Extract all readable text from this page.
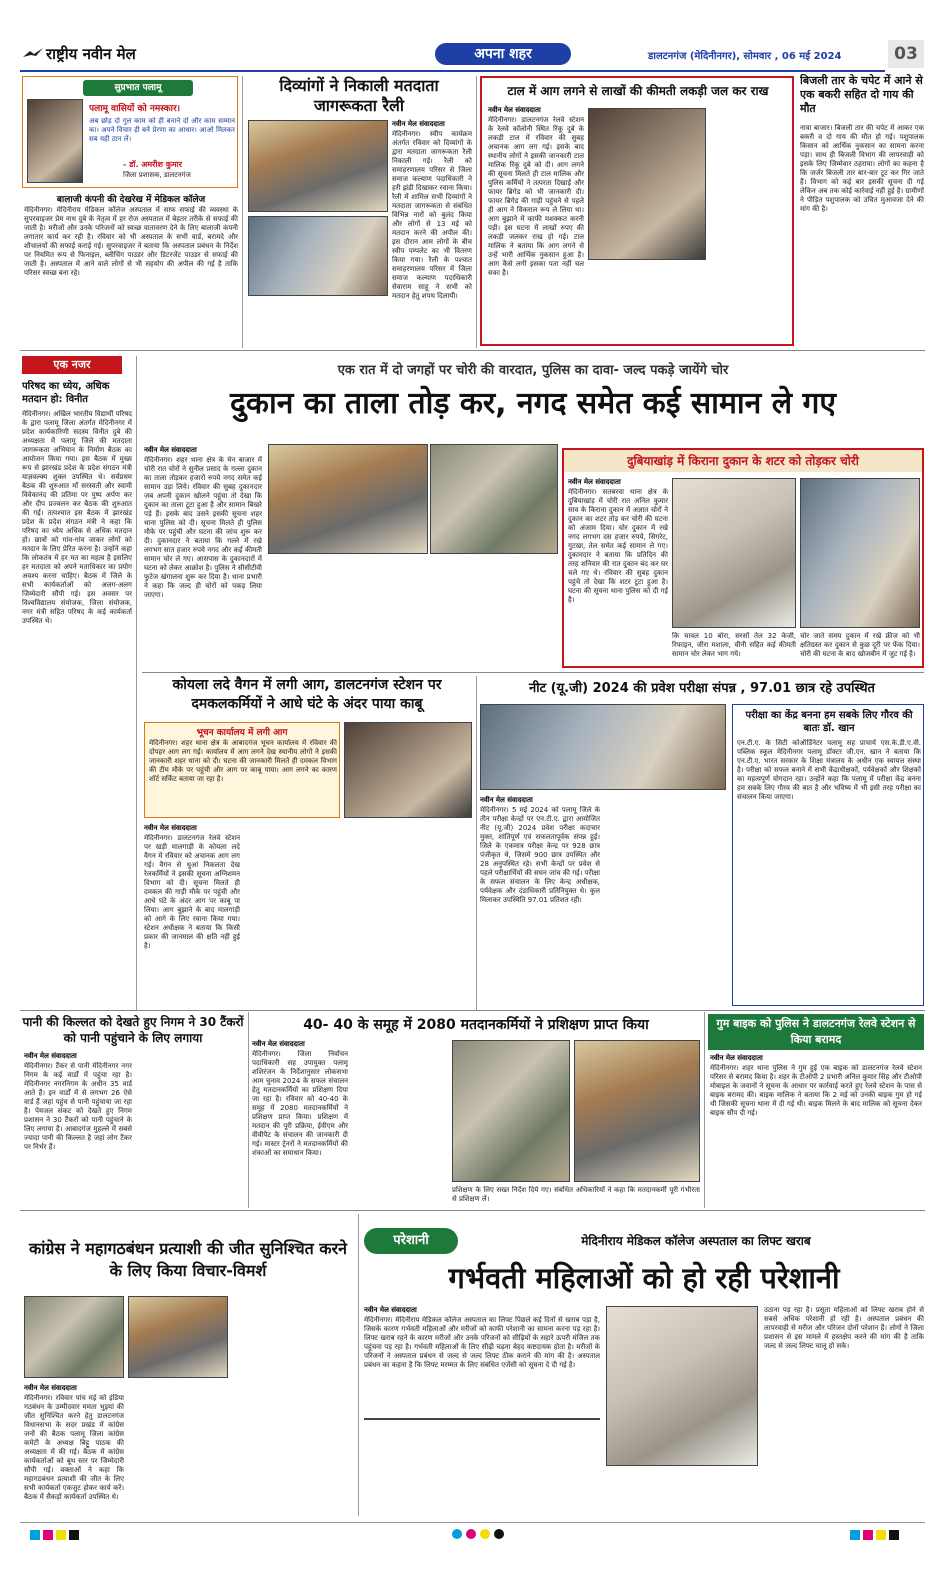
राष्ट्रीय नवीन मेल	अपना शहर	डालटनगंज (मेदिनीनगर), सोमवार , 06 मई 2024	03
सुप्रभात पलामू
पलामू वासियों को नमस्कार।
अब छोड़ दो गुल काम को ही बनाने दो और काम सम्मान का। अपने विचार ही बनें प्रेरणा का आधार। आओ मिलकर सब यही ठान लें।
- डॉ. अमरीश कुमार
जिला प्रशासक, डालटनगंज
बालाजी कंपनी की देखरेख में मेडिकल कॉलेज
मेदिनीनगर। मेदिनीराय मेडिकल कॉलेज अस्पताल में साफ सफाई की व्यवस्था के सुपरवाइजर प्रेम नाथ दुबे के नेतृत्व में हर रोज अस्पताल में बेहतर तरीके से सफाई की जाती है। मरीजों और उनके परिजनों को स्वच्छ वातावरण देने के लिए बालाजी कंपनी लगातार कार्य कर रही है। रविवार को भी अस्पताल के सभी वार्ड, बरामदे और शौचालयों की सफाई कराई गई। सुपरवाइजर ने बताया कि अस्पताल प्रबंधन के निर्देश पर नियमित रूप से फिनाइल, ब्लीचिंग पाउडर और डिटरजेंट पाउडर से सफाई की जाती है। अस्पताल में आने वाले लोगों से भी सहयोग की अपील की गई है ताकि परिसर स्वच्छ बना रहे।
दिव्यांगों ने निकाली मतदाता जागरूकता रैली
नवीन मेल संवाददाता
मेदिनीनगर। स्वीप कार्यक्रम अंतर्गत रविवार को दिव्यांगों के द्वारा मतदाता जागरूकता रैली निकाली गई। रैली को समाहरणालय परिसर से जिला समाज कल्याण पदाधिकारी ने हरी झंडी दिखाकर रवाना किया। रैली में शामिल सभी दिव्यांगों ने मतदाता जागरूकता से संबंधित विभिन्न नारों को बुलंद किया और लोगों से 13 मई को मतदान करने की अपील की। इस दौरान आम लोगों के बीच स्वीप पम्पलेट का भी वितरण किया गया। रैली के पश्चात समाहरणालय परिसर में जिला समाज कल्याण पदाधिकारी सेवाराम साहू ने सभी को मतदान हेतु शपथ दिलायी।
टाल में आग लगने से लाखों की कीमती लकड़ी जल कर राख
नवीन मेल संवाददाता
मेदिनीनगर। डालटनगंज रेलवे स्टेशन के रेलवे कॉलोनी स्थित रिंकू दुबे के लकड़ी टाल में रविवार की सुबह अचानक आग लग गई। इसके बाद स्थानीय लोगों ने इसकी जानकारी टाल मालिक रिंकू दुबे को दी। आग लगने की सूचना मिलते ही टाल मालिक और पुलिस कर्मियों ने तत्परता दिखाई और फायर ब्रिगेड को भी जानकारी दी। फायर ब्रिगेड की गाड़ी पहुंचने से पहले ही आग ने विकराल रूप ले लिया था। आग बुझाने में काफी मशक्कत करनी पड़ी। इस घटना में लाखों रुपए की लकड़ी जलकर राख हो गई। टाल मालिक ने बताया कि आग लगने से उन्हें भारी आर्थिक नुकसान हुआ है। आग कैसे लगी इसका पता नहीं चल सका है।
बिजली तार के चपेट में आने से एक बकरी सहित दो गाय की मौत
नावा बाजार। बिजली तार की चपेट में आकर एक बकरी व दो गाय की मौत हो गई। पशुपालक किसान को आर्थिक नुकसान का सामना करना पड़ा। साथ ही बिजली विभाग की लापरवाही को इसके लिए जिम्मेवार ठहराया। लोगों का कहना है कि जर्जर बिजली तार बार-बार टूट कर गिर जाते हैं। विभाग को कई बार इसकी सूचना दी गई लेकिन अब तक कोई कार्रवाई नहीं हुई है। ग्रामीणों ने पीड़ित पशुपालक को उचित मुआवजा देने की मांग की है।
एक नजर
परिषद का ध्येय, अधिक मतदान हो: विनीत
मेदिनीनगर। अखिल भारतीय विद्यार्थी परिषद के द्वारा पलामू जिला अंतर्गत मेदिनीनगर में प्रदेश कार्यकारिणी सदस्य विनीत दुबे की अध्यक्षता में पलामू जिले की मतदाता जागरूकता अभियान के निर्माण बैठक का आयोजन किया गया। इस बैठक में मुख्य रूप से झारखंड प्रदेश के प्रदेश संगठन मंत्री याज्ञवल्क्य शुक्ल उपस्थित थे। सर्वप्रथम बैठक की शुरुआत माँ सरस्वती और स्वामी विवेकानंद की प्रतिमा पर पुष्प अर्पण कर और दीप प्रज्वलन कर बैठक की शुरुआत की गई। तत्पश्चात इस बैठक में झारखंड प्रदेश के प्रदेश संगठन मंत्री ने कहा कि परिषद का ध्येय अधिक से अधिक मतदान हो। छात्रों को गांव-गांव जाकर लोगों को मतदान के लिए प्रेरित करना है। उन्होंने कहा कि लोकतंत्र में हर मत का महत्व है इसलिए हर मतदाता को अपने मताधिकार का प्रयोग अवश्य करना चाहिए। बैठक में जिले के सभी कार्यकर्ताओं को अलग-अलग जिम्मेदारी सौंपी गई। इस अवसर पर विश्वविद्यालय संयोजक, जिला संयोजक, नगर मंत्री सहित परिषद के कई कार्यकर्ता उपस्थित थे।
एक रात में दो जगहों पर चोरी की वारदात, पुलिस का दावा- जल्द पकड़े जायेंगे चोर
दुकान का ताला तोड़ कर, नगद समेत कई सामान ले गए
नवीन मेल संवाददाता
मेदिनीनगर। शहर थाना क्षेत्र के मेन बाजार में चोरी रात चोरों ने सुनील प्रसाद के गल्ला दुकान का ताला तोड़कर हजारों रुपये नगद समेत कई सामान उड़ा लिये। रविवार की सुबह दुकानदार जब अपनी दुकान खोलने पहुंचा तो देखा कि दुकान का ताला टूटा हुआ है और सामान बिखरे पड़े हैं। इसके बाद उसने इसकी सूचना शहर थाना पुलिस को दी। सूचना मिलते ही पुलिस मौके पर पहुंची और घटना की जांच शुरू कर दी। दुकानदार ने बताया कि गल्ले में रखे लगभग सात हजार रुपये नगद और कई कीमती सामान चोर ले गए। आसपास के दुकानदारों में घटना को लेकर आक्रोश है। पुलिस ने सीसीटीवी फुटेज खंगालना शुरू कर दिया है। थाना प्रभारी ने कहा कि जल्द ही चोरों को पकड़ लिया जाएगा।
दुबियाखांड़ में किराना दुकान के शटर को तोड़कर चोरी
नवीन मेल संवाददाता
मेदिनीनगर। सतबरवा थाना क्षेत्र के दुबियाखांड़ में चोरी रात अनिल कुमार साव के किराना दुकान में अज्ञात चोरों ने दुकान का शटर तोड़ कर चोरी की घटना को अंजाम दिया। चोर दुकान में रखे नगद लगभग दस हजार रुपये, सिगरेट, गुटखा, तेल समेत कई सामान ले गए। दुकानदार ने बताया कि प्रतिदिन की तरह शनिवार की रात दुकान बंद कर घर चले गए थे। रविवार की सुबह दुकान पहुंचे तो देखा कि शटर टूटा हुआ है। घटना की सूचना थाना पुलिस को दी गई है।
कि चावल 10 बोरा, सरसों तेल 32 केजी, रिफाइन, जीरा मशाला, चीनी सहित कई कीमती सामान चोर लेकर भाग गये।
चोर जाते समय दुकान में रखे फ्रीज को भी क्षतिग्रस्त कर दुकान से कुछ दूरी पर फेंक दिया। चोरी की घटना के बाद खोजबीन में जुट गई है।
कोयला लदे वैगन में लगी आग, डालटनगंज स्टेशन पर दमकलकर्मियों ने आधे घंटे के अंदर पाया काबू
भूचन कार्यालय में लगी आग
मेदिनीनगर। शहर थाना क्षेत्र के आबादगंज भूचन कार्यालय में रविवार की दोपहर आग लग गई। कार्यालय में आग लगने देख स्थानीय लोगों ने इसकी जानकारी शहर थाना को दी। घटना की जानकारी मिलते ही दमकल विभाग की टीम मौके पर पहुंची और आग पर काबू पाया। आग लगने का कारण शॉर्ट सर्किट बताया जा रहा है।
नवीन मेल संवाददाता
मेदिनीनगर। डालटनगंज रेलवे स्टेशन पर खड़ी मालगाड़ी के कोयला लदे वैगन में रविवार को अचानक आग लग गई। वैगन से धुआं निकलता देख रेलकर्मियों ने इसकी सूचना अग्निशमन विभाग को दी। सूचना मिलते ही दमकल की गाड़ी मौके पर पहुंची और आधे घंटे के अंदर आग पर काबू पा लिया। आग बुझाने के बाद मालगाड़ी को आगे के लिए रवाना किया गया। स्टेशन अधीक्षक ने बताया कि किसी प्रकार की जानमाल की क्षति नहीं हुई है।
नीट (यू.जी) 2024 की प्रवेश परीक्षा संपन्न , 97.01 छात्र रहे उपस्थित
नवीन मेल संवाददाता
मेदिनीनगर। 5 मई 2024 को पलामू जिले के तीन परीक्षा केन्द्रों पर एन.टी.ए. द्वारा आयोजित नीट (यू.जी) 2024 प्रवेश परीक्षा कदाचार मुक्त, शांतिपूर्ण एवं सफलतापूर्वक संपन्न हुई। जिले के एकमात्र परीक्षा केन्द्र पर 928 छात्र पंजीकृत थे, जिसमें 900 छात्र उपस्थित और 28 अनुपस्थित रहे। सभी केन्द्रों पर प्रवेश से पहले परीक्षार्थियों की सघन जांच की गई। परीक्षा के सफल संचालन के लिए केन्द्र अधीक्षक, पर्यवेक्षक और दंडाधिकारी प्रतिनियुक्त थे। कुल मिलाकर उपस्थिति 97.01 प्रतिशत रही।
परीक्षा का केंद्र बनना हम सबके लिए गौरव की बातः डॉ. खान
एन.टी.ए. के सिटी कोऑर्डिनेटर पलामू सह प्राचार्य एस.के.डी.ए.वी. पब्लिक स्कूल मेदिनीनगर पलामू डॉक्टर जी.एन. खान ने बताया कि एन.टी.ए. भारत सरकार के शिक्षा मंत्रालय के अधीन एक स्वायत्त संस्था है। परीक्षा को सफल बनाने में सभी केंद्राधीक्षकों, पर्यवेक्षकों और शिक्षकों का महत्वपूर्ण योगदान रहा। उन्होंने कहा कि पलामू में परीक्षा केंद्र बनना हम सबके लिए गौरव की बात है और भविष्य में भी इसी तरह परीक्षा का संचालन किया जाएगा।
पानी की किल्लत को देखते हुए निगम ने 30 टैंकरों को पानी पहुंचाने के लिए लगाया
नवीन मेल संवाददाता
मेदिनीनगर। टैंकर से पानी मेदिनीनगर नगर निगम के कई वार्डों में पहुंचा रहा है। मेदिनीनगर नगरनिगम के अधीन 35 वार्ड आते हैं। इन वार्डों में से लगभग 26 ऐसे वार्ड हैं जहां पहुंच से पानी पहुंचाया जा रहा है। पेयजल संकट को देखते हुए निगम प्रशासन ने 30 टैंकरों को पानी पहुंचाने के लिए लगाया है। आबादगंज मुहल्ले में सबसे ज्यादा पानी की किल्लत है जहां लोग टैंकर पर निर्भर हैं।
40- 40 के समूह में 2080 मतदानकर्मियों ने प्रशिक्षण प्राप्त किया
नवीन मेल संवाददाता
मेदिनीनगर। जिला निर्वाचन पदाधिकारी सह उपायुक्त पलामू शशिरंजन के निर्देशानुसार लोकसभा आम चुनाव 2024 के सफल संचालन हेतु मतदानकर्मियों का प्रशिक्षण दिया जा रहा है। रविवार को 40-40 के समूह में 2080 मतदानकर्मियों ने प्रशिक्षण प्राप्त किया। प्रशिक्षण में मतदान की पूरी प्रक्रिया, ईवीएम और वीवीपैट के संचालन की जानकारी दी गई। मास्टर ट्रेनरों ने मतदानकर्मियों की शंकाओं का समाधान किया।
प्रशिक्षण के लिए सख्त निर्देश दिये गए। संबंधित अधिकारियों ने कहा कि मतदानकर्मी पूरी गंभीरता से प्रशिक्षण लें।
गुम बाइक को पुलिस ने डालटनगंज रेलवे स्टेशन से किया बरामद
नवीन मेल संवाददाता
मेदिनीनगर। शहर थाना पुलिस ने गुम हुई एक बाइक को डालटनगंज रेलवे स्टेशन परिसर से बरामद किया है। शहर के टीओपी 2 प्रभारी अनिल कुमार सिंह और टीओपी मोबाइल के जवानों ने सूचना के आधार पर कार्रवाई करते हुए रेलवे स्टेशन के पास से बाइक बरामद की। बाइक मालिक ने बताया कि 2 मई को उनकी बाइक गुम हो गई थी जिसकी सूचना थाना में दी गई थी। बाइक मिलने के बाद मालिक को सूचना देकर बाइक सौंप दी गई।
कांग्रेस ने महागठबंधन प्रत्याशी की जीत सुनिश्चित करने के लिए किया विचार-विमर्श
नवीन मेल संवाददाता
मेदिनीनगर। रविवार पांच मई को इंडिया गठबंधन के उम्मीदवार ममता भुइयां की जीत सुनिश्चित करने हेतु डालटनगंज विधानसभा के सदर प्रखंड में कांग्रेस जनों की बैठक पलामू जिला कांग्रेस कमेटी के अध्यक्ष बिट्टू पाठक की अध्यक्षता में की गई। बैठक में कांग्रेस कार्यकर्ताओं को बूथ स्तर पर जिम्मेदारी सौंपी गई। वक्ताओं ने कहा कि महागठबंधन प्रत्याशी की जीत के लिए सभी कार्यकर्ता एकजुट होकर कार्य करें। बैठक में सैकड़ों कार्यकर्ता उपस्थित थे।
परेशानी	मेदिनीराय मेडिकल कॉलेज अस्पताल का लिफ्ट खराब
गर्भवती महिलाओं को हो रही परेशानी
नवीन मेल संवाददाता
मेदिनीनगर। मेदिनीराय मेडिकल कॉलेज अस्पताल का लिफ्ट पिछले कई दिनों से खराब पड़ा है, जिसके कारण गर्भवती महिलाओं और मरीजों को काफी परेशानी का सामना करना पड़ रहा है। लिफ्ट खराब रहने के कारण मरीजों और उनके परिजनों को सीढ़ियों के सहारे ऊपरी मंजिल तक पहुंचना पड़ रहा है। गर्भवती महिलाओं के लिए सीढ़ी चढ़ना बेहद कष्टदायक होता है। मरीजों के परिजनों ने अस्पताल प्रबंधन से जल्द से जल्द लिफ्ट ठीक कराने की मांग की है। अस्पताल प्रबंधन का कहना है कि लिफ्ट मरम्मत के लिए संबंधित एजेंसी को सूचना दे दी गई है।
उठाना पड़ रहा है। प्रसूता महिलाओं को लिफ्ट खराब होने से सबसे अधिक परेशानी हो रही है। अस्पताल प्रबंधन की लापरवाही से मरीज और परिजन दोनों परेशान हैं। लोगों ने जिला प्रशासन से इस मामले में हस्तक्षेप करने की मांग की है ताकि जल्द से जल्द लिफ्ट चालू हो सके।
